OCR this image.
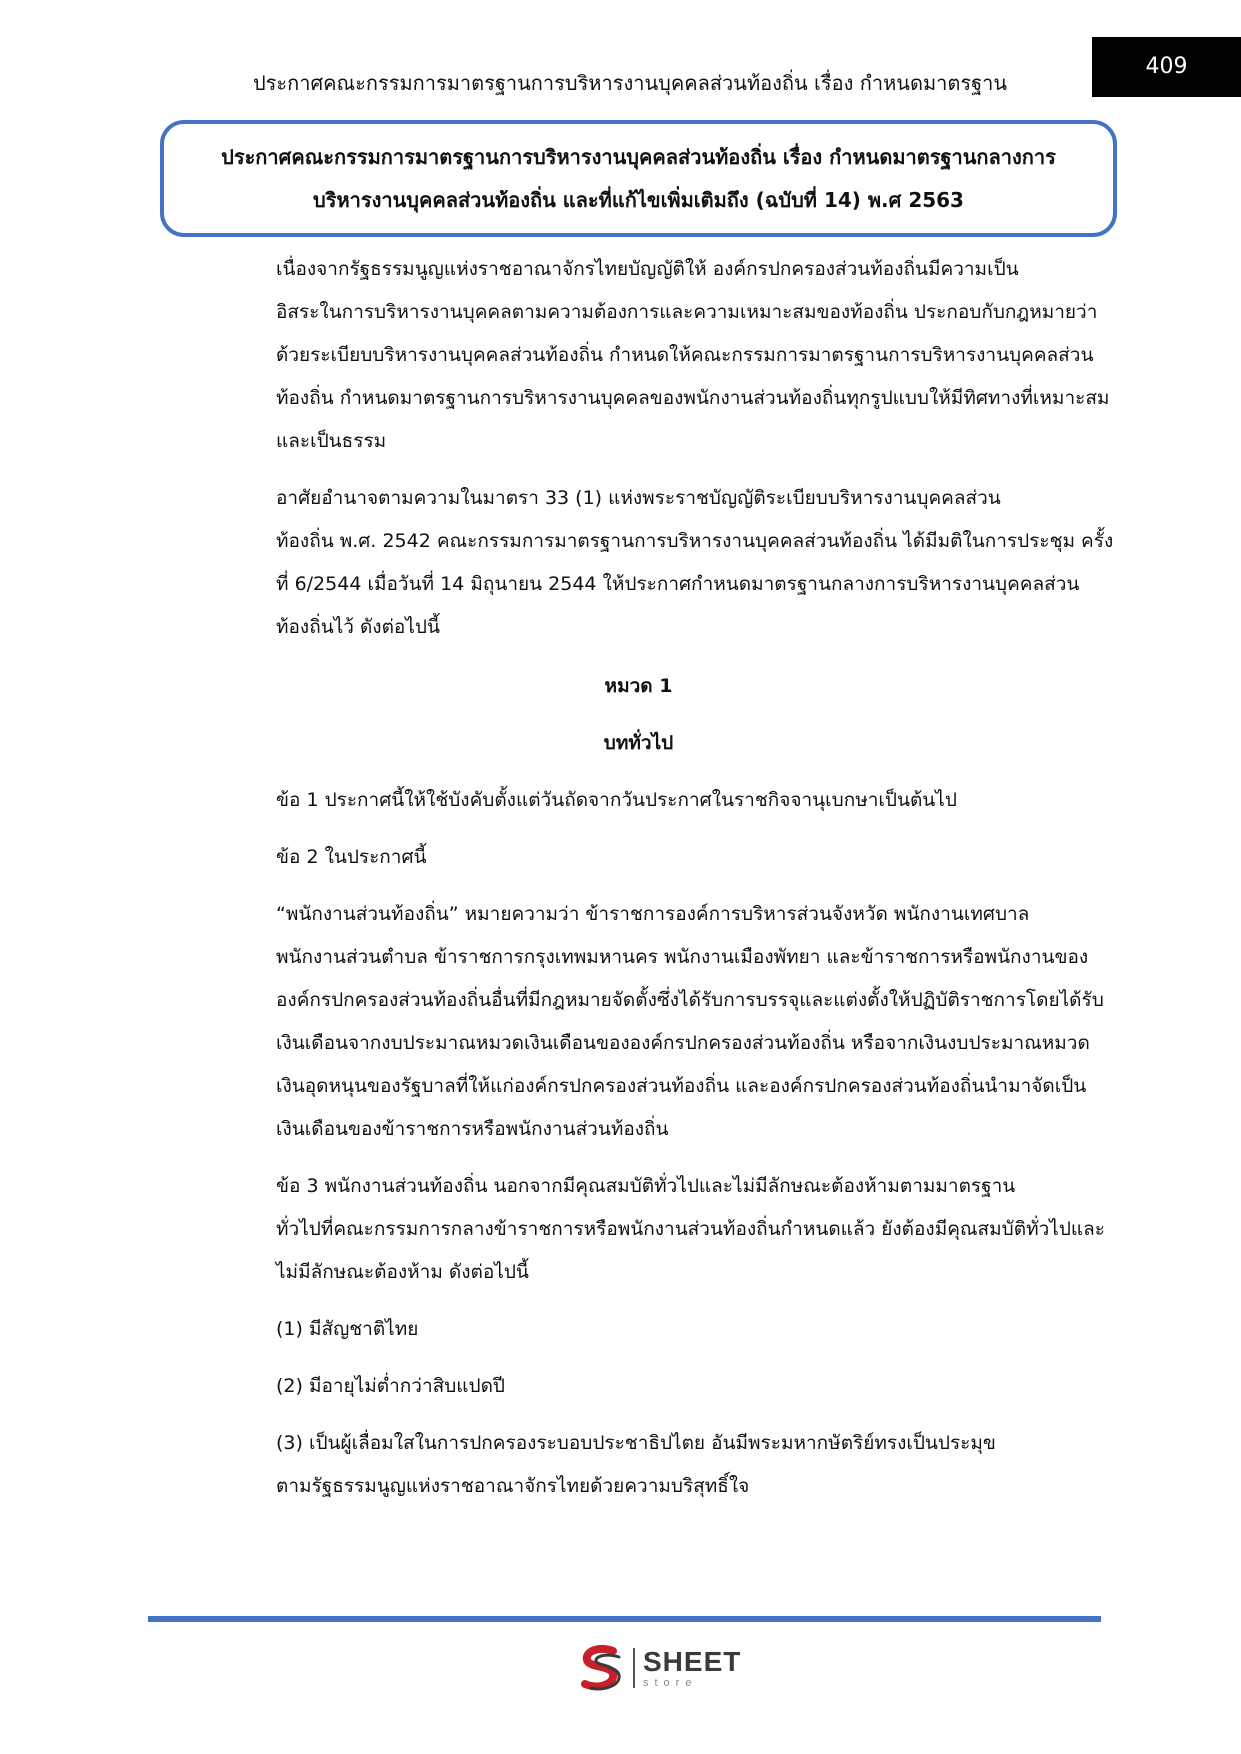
409
ประกาศคณะกรรมการมาตรฐานการบริหารงานบุคคลส่วนท้องถิ่น เรื่อง กำหนดมาตรฐาน
ประกาศคณะกรรมการมาตรฐานการบริหารงานบุคคลส่วนท้องถิ่น เรื่อง กำหนดมาตรฐานกลางการ
บริหารงานบุคคลส่วนท้องถิ่น และที่แก้ไขเพิ่มเติมถึง (ฉบับที่ 14) พ.ศ 2563

เนื่องจากรัฐธรรมนูญแห่งราชอาณาจักรไทยบัญญัติให้ องค์กรปกครองส่วนท้องถิ่นมีความเป็น
อิสระในการบริหารงานบุคคลตามความต้องการและความเหมาะสมของท้องถิ่น ประกอบกับกฎหมายว่า
ด้วยระเบียบบริหารงานบุคคลส่วนท้องถิ่น กำหนดให้คณะกรรมการมาตรฐานการบริหารงานบุคคลส่วน
ท้องถิ่น กำหนดมาตรฐานการบริหารงานบุคคลของพนักงานส่วนท้องถิ่นทุกรูปแบบให้มีทิศทางที่เหมาะสม
และเป็นธรรม

อาศัยอำนาจตามความในมาตรา 33 (1) แห่งพระราชบัญญัติระเบียบบริหารงานบุคคลส่วน
ท้องถิ่น พ.ศ. 2542 คณะกรรมการมาตรฐานการบริหารงานบุคคลส่วนท้องถิ่น ได้มีมติในการประชุม ครั้ง
ที่ 6/2544 เมื่อวันที่ 14 มิถุนายน 2544 ให้ประกาศกำหนดมาตรฐานกลางการบริหารงานบุคคลส่วน
ท้องถิ่นไว้ ดังต่อไปนี้

หมวด 1

บททั่วไป

ข้อ 1 ประกาศนี้ให้ใช้บังคับตั้งแต่วันถัดจากวันประกาศในราชกิจจานุเบกษาเป็นต้นไป

ข้อ 2 ในประกาศนี้

“พนักงานส่วนท้องถิ่น” หมายความว่า ข้าราชการองค์การบริหารส่วนจังหวัด พนักงานเทศบาล
พนักงานส่วนตำบล ข้าราชการกรุงเทพมหานคร พนักงานเมืองพัทยา และข้าราชการหรือพนักงานของ
องค์กรปกครองส่วนท้องถิ่นอื่นที่มีกฎหมายจัดตั้งซึ่งได้รับการบรรจุและแต่งตั้งให้ปฏิบัติราชการโดยได้รับ
เงินเดือนจากงบประมาณหมวดเงินเดือนขององค์กรปกครองส่วนท้องถิ่น หรือจากเงินงบประมาณหมวด
เงินอุดหนุนของรัฐบาลที่ให้แก่องค์กรปกครองส่วนท้องถิ่น และองค์กรปกครองส่วนท้องถิ่นนำมาจัดเป็น
เงินเดือนของข้าราชการหรือพนักงานส่วนท้องถิ่น

ข้อ 3 พนักงานส่วนท้องถิ่น นอกจากมีคุณสมบัติทั่วไปและไม่มีลักษณะต้องห้ามตามมาตรฐาน
ทั่วไปที่คณะกรรมการกลางข้าราชการหรือพนักงานส่วนท้องถิ่นกำหนดแล้ว ยังต้องมีคุณสมบัติทั่วไปและ
ไม่มีลักษณะต้องห้าม ดังต่อไปนี้

(1) มีสัญชาติไทย

(2) มีอายุไม่ต่ำกว่าสิบแปดปี

(3) เป็นผู้เลื่อมใสในการปกครองระบอบประชาธิปไตย อันมีพระมหากษัตริย์ทรงเป็นประมุข
ตามรัฐธรรมนูญแห่งราชอาณาจักรไทยด้วยความบริสุทธิ์ใจ

SHEET
store
